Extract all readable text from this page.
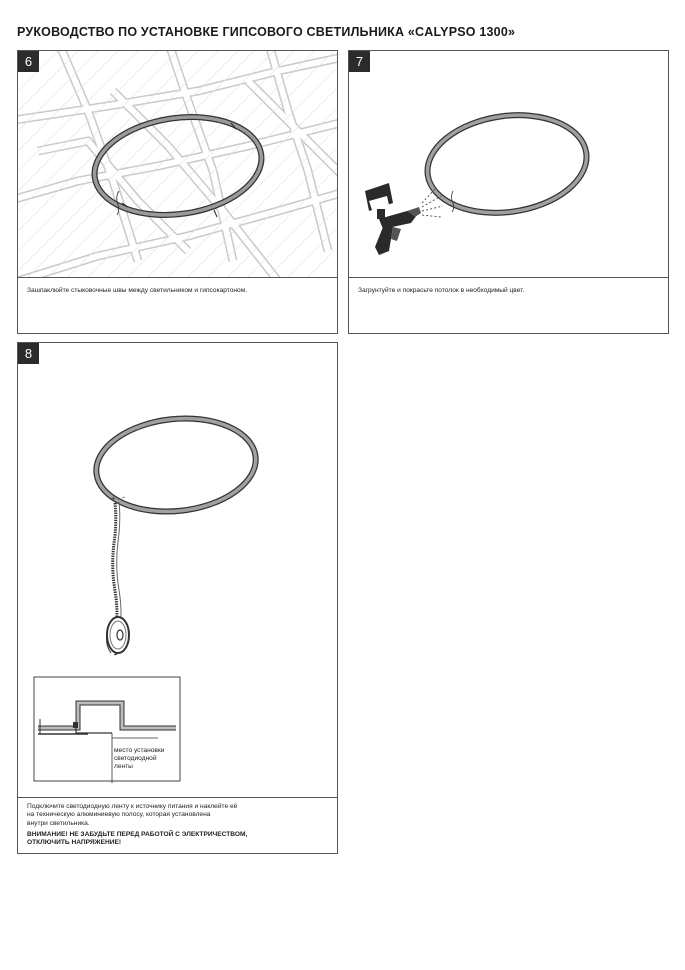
РУКОВОДСТВО ПО УСТАНОВКЕ ГИПСОВОГО СВЕТИЛЬНИКА «CALYPSO 1300»
6
Зашпаклюйте стыковочные швы между светильником и гипсокартоном.
7
Загрунтуйте и покрасьте потолок в необходимый цвет.
8
+ -
место установки
светодиодной
ленты
Подключите светодиодную ленту к источнику питания и наклейте её
на техническую алюминиевую полосу, которая установлена
внутри светильника.
ВНИМАНИЕ! НЕ ЗАБУДЬТЕ ПЕРЕД РАБОТОЙ С ЭЛЕКТРИЧЕСТВОМ,
ОТКЛЮЧИТЬ НАПРЯЖЕНИЕ!
